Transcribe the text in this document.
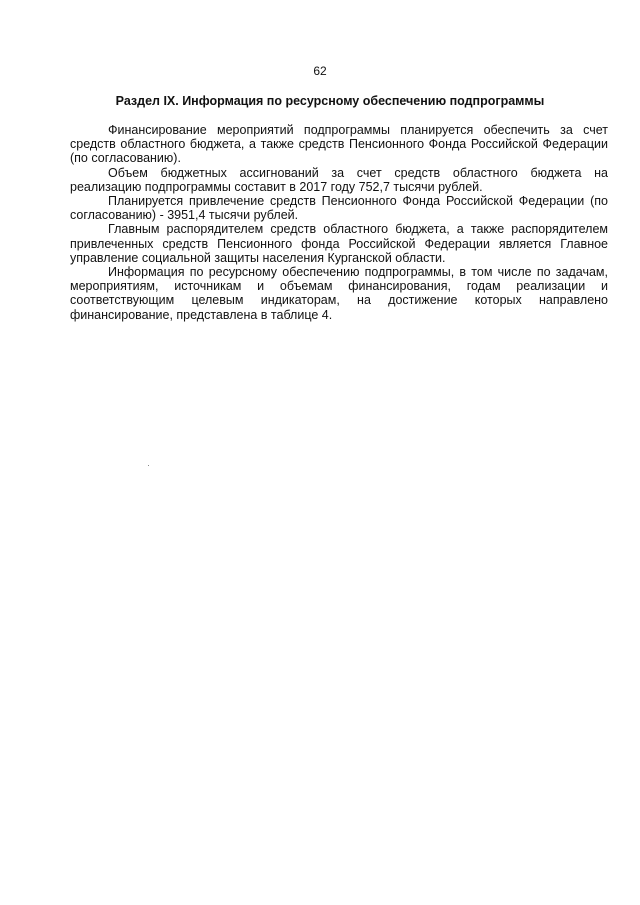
62
Раздел IX. Информация по ресурсному обеспечению подпрограммы

Финансирование мероприятий подпрограммы планируется обеспечить за счет средств областного бюджета, а также средств Пенсионного Фонда Российской Федерации (по согласованию).

Объем бюджетных ассигнований за счет средств областного бюджета на реализацию подпрограммы составит в 2017 году 752,7 тысячи рублей.

Планируется привлечение средств Пенсионного Фонда Российской Федерации (по согласованию) - 3951,4 тысячи рублей.

Главным распорядителем средств областного бюджета, а также распорядителем привлеченных средств Пенсионного фонда Российской Федерации является Главное управление социальной защиты населения Курганской области.

Информация по ресурсному обеспечению подпрограммы, в том числе по задачам, мероприятиям, источникам и объемам финансирования, годам реализации и соответствующим целевым индикаторам, на достижение которых направлено финансирование, представлена в таблице 4.
